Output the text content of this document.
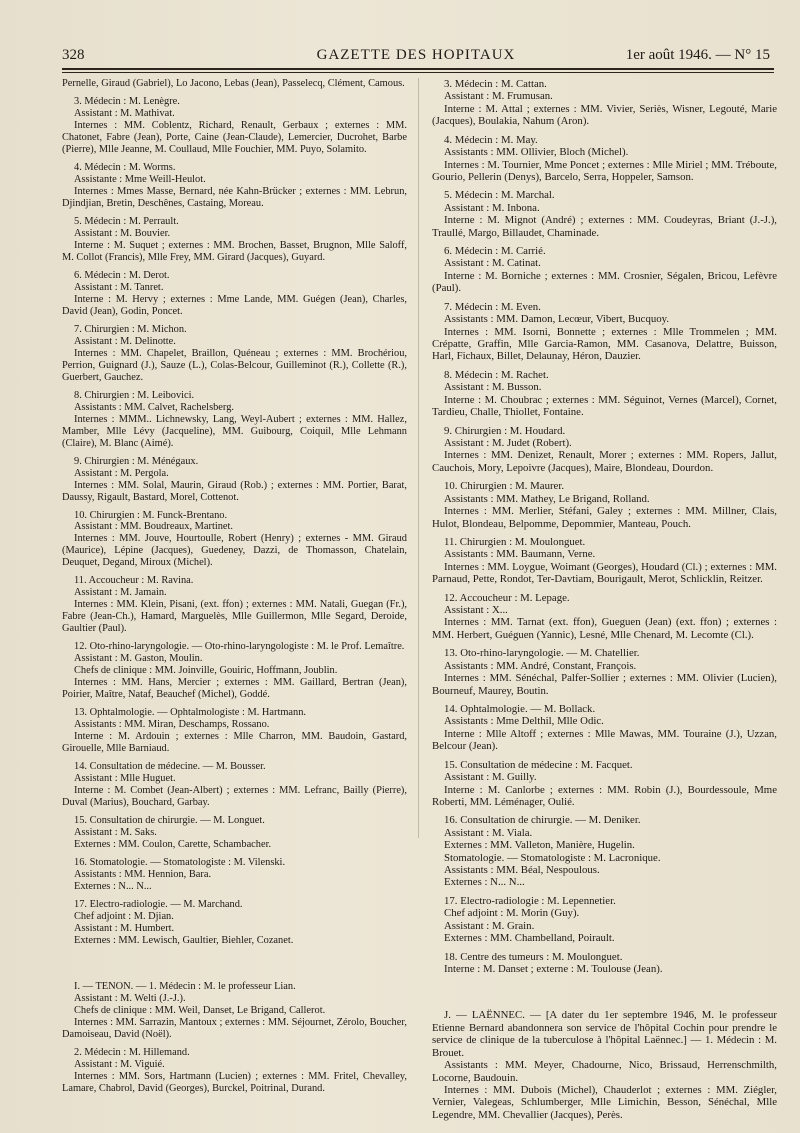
328	GAZETTE DES HOPITAUX	1er août 1946. — N° 15

Pernelle, Giraud (Gabriel), Lo Jacono, Lebas (Jean), Passelecq, Clément, Camous.

3. Médecin : M. Lenègre.

Assistant : M. Mathivat.

Internes : MM. Coblentz, Richard, Renault, Gerbaux ; externes : MM. Chatonet, Fabre (Jean), Porte, Caine (Jean-Claude), Lemercier, Ducrohet, Barbe (Pierre), Mlle Jeanne, M. Coullaud, Mlle Fouchier, MM. Puyo, Solamito.

4. Médecin : M. Worms.

Assistante : Mme Weill-Heulot.

Internes : Mmes Masse, Bernard, née Kahn-Brücker ; externes : MM. Lebrun, Djindjian, Bretin, Deschênes, Castaing, Moreau.

5. Médecin : M. Perrault.

Assistant : M. Bouvier.

Interne : M. Suquet ; externes : MM. Brochen, Basset, Brugnon, Mlle Saloff, M. Collot (Francis), Mlle Frey, MM. Girard (Jacques), Guyard.

6. Médecin : M. Derot.

Assistant : M. Tanret.

Interne : M. Hervy ; externes : Mme Lande, MM. Guégen (Jean), Charles, David (Jean), Godin, Poncet.

7. Chirurgien : M. Michon.

Assistant : M. Delinotte.

Internes : MM. Chapelet, Braillon, Quéneau ; externes : MM. Brochériou, Perrion, Guignard (J.), Sauze (L.), Colas-Belcour, Guilleminot (R.), Collette (R.), Guerbert, Gauchez.

8. Chirurgien : M. Leibovici.

Assistants : MM. Calvet, Rachelsberg.

Internes : MMM.. Lichnewsky, Lang, Weyl-Aubert ; externes : MM. Hallez, Mamber, Mlle Lévy (Jacqueline), MM. Guibourg, Coiquil, Mlle Lehmann (Claire), M. Blanc (Aimé).

9. Chirurgien : M. Ménégaux.

Assistant : M. Pergola.

Internes : MM. Solal, Maurin, Giraud (Rob.) ; externes : MM. Portier, Barat, Daussy, Rigault, Bastard, Morel, Cottenot.

10. Chirurgien : M. Funck-Brentano.

Assistant : MM. Boudreaux, Martinet.

Internes : MM. Jouve, Hourtoulle, Robert (Henry) ; externes - MM. Giraud (Maurice), Lépine (Jacques), Guedeney, Dazzi, de Thomasson, Chatelain, Deuquet, Degand, Miroux (Michel).

11. Accoucheur : M. Ravina.

Assistant : M. Jamain.

Internes : MM. Klein, Pisani, (ext. ffon) ; externes : MM. Natali, Guegan (Fr.), Fabre (Jean-Ch.), Hamard, Marguelès, Mlle Guillermon, Mlle Segard, Deroide, Gaultier (Paul).

12. Oto-rhino-laryngologie. — Oto-rhino-laryngologiste : M. le Prof. Lemaître.

Assistant : M. Gaston, Moulin.

Chefs de clinique : MM. Joinville, Gouiric, Hoffmann, Joublin.

Internes : MM. Hans, Mercier ; externes : MM. Gaillard, Bertran (Jean), Poirier, Maître, Nataf, Beauchef (Michel), Goddé.

13. Ophtalmologie. — Ophtalmologiste : M. Hartmann.

Assistants : MM. Miran, Deschamps, Rossano.

Interne : M. Ardouin ; externes : Mlle Charron, MM. Baudoin, Gastard, Girouelle, Mlle Barniaud.

14. Consultation de médecine. — M. Bousser.

Assistant : Mlle Huguet.

Interne : M. Combet (Jean-Albert) ; externes : MM. Lefranc, Bailly (Pierre), Duval (Marius), Bouchard, Garbay.

15. Consultation de chirurgie. — M. Longuet.

Assistant : M. Saks.

Externes : MM. Coulon, Carette, Schambacher.

16. Stomatologie. — Stomatologiste : M. Vilenski.

Assistants : MM. Hennion, Bara.

Externes : N... N...

17. Electro-radiologie. — M. Marchand.

Chef adjoint : M. Djian.

Assistant : M. Humbert.

Externes : MM. Lewisch, Gaultier, Biehler, Cozanet.

I. — TENON. — 1. Médecin : M. le professeur Lian.

Assistant : M. Welti (J.-J.).

Chefs de clinique : MM. Weil, Danset, Le Brigand, Callerot.

Internes : MM. Sarrazin, Mantoux ; externes : MM. Séjournet, Zérolo, Boucher, Damoiseau, David (Noël).

2. Médecin : M. Hillemand.

Assistant : M. Viguié.

Internes : MM. Sors, Hartmann (Lucien) ; externes : MM. Fritel, Chevalley, Lamare, Chabrol, David (Georges), Burckel, Poitrinal, Durand.

3. Médecin : M. Cattan.

Assistant : M. Frumusan.

Interne : M. Attal ; externes : MM. Vivier, Seriès, Wisner, Legouté, Marie (Jacques), Boulakia, Nahum (Aron).

4. Médecin : M. May.

Assistants : MM. Ollivier, Bloch (Michel).

Internes : M. Tournier, Mme Poncet ; externes : Mlle Miriel ; MM. Tréboute, Gourio, Pellerin (Denys), Barcelo, Serra, Hoppeler, Samson.

5. Médecin : M. Marchal.

Assistant : M. Inbona.

Interne : M. Mignot (André) ; externes : MM. Coudeyras, Briant (J.-J.), Traullé, Margo, Billaudet, Chaminade.

6. Médecin : M. Carrié.

Assistant : M. Catinat.

Interne : M. Borniche ; externes : MM. Crosnier, Ségalen, Bricou, Lefèvre (Paul).

7. Médecin : M. Even.

Assistants : MM. Damon, Lecœur, Vibert, Bucquoy.

Internes : MM. Isorni, Bonnette ; externes : Mlle Trommelen ; MM. Crépatte, Graffin, Mlle Garcia-Ramon, MM. Casanova, Delattre, Buisson, Harl, Fichaux, Billet, Delaunay, Héron, Dauzier.

8. Médecin : M. Rachet.

Assistant : M. Busson.

Interne : M. Choubrac ; externes : MM. Séguinot, Vernes (Marcel), Cornet, Tardieu, Challe, Thiollet, Fontaine.

9. Chirurgien : M. Houdard.

Assistant : M. Judet (Robert).

Internes : MM. Denizet, Renault, Morer ; externes : MM. Ropers, Jallut, Cauchois, Mory, Lepoivre (Jacques), Maire, Blondeau, Dourdon.

10. Chirurgien : M. Maurer.

Assistants : MM. Mathey, Le Brigand, Rolland.

Internes : MM. Merlier, Stéfani, Galey ; externes : MM. Millner, Clais, Hulot, Blondeau, Belpomme, Depommier, Manteau, Pouch.

11. Chirurgien : M. Moulonguet.

Assistants : MM. Baumann, Verne.

Internes : MM. Loygue, Woimant (Georges), Houdard (Cl.) ; externes : MM. Parnaud, Pette, Rondot, Ter-Davtiam, Bourigault, Merot, Schlicklin, Reitzer.

12. Accoucheur : M. Lepage.

Assistant : X...

Internes : MM. Tarnat (ext. ffon), Gueguen (Jean) (ext. ffon) ; externes : MM. Herbert, Guéguen (Yannic), Lesné, Mlle Chenard, M. Lecomte (Cl.).

13. Oto-rhino-laryngologie. — M. Chatellier.

Assistants : MM. André, Constant, François.

Internes : MM. Sénéchal, Palfer-Sollier ; externes : MM. Olivier (Lucien), Bourneuf, Maurey, Boutin.

14. Ophtalmologie. — M. Bollack.

Assistants : Mme Delthil, Mlle Odic.

Interne : Mlle Altoff ; externes : Mlle Mawas, MM. Touraine (J.), Uzzan, Belcour (Jean).

15. Consultation de médecine : M. Facquet.

Assistant : M. Guilly.

Interne : M. Canlorbe ; externes : MM. Robin (J.), Bourdessoule, Mme Roberti, MM. Léménager, Oulié.

16. Consultation de chirurgie. — M. Deniker.

Assistant : M. Viala.

Externes : MM. Valleton, Manière, Hugelin.

Stomatologie. — Stomatologiste : M. Lacronique.

Assistants : MM. Béal, Nespoulous.

Externes : N... N...

17. Electro-radiologie : M. Lepennetier.

Chef adjoint : M. Morin (Guy).

Assistant : M. Grain.

Externes : MM. Chambelland, Poirault.

18. Centre des tumeurs : M. Moulonguet.

Interne : M. Danset ; externe : M. Toulouse (Jean).

J. — LAËNNEC. — [A dater du 1er septembre 1946, M. le professeur Etienne Bernard abandonnera son service de l'hôpital Cochin pour prendre le service de clinique de la tuberculose à l'hôpital Laënnec.] — 1. Médecin : M. Brouet.

Assistants : MM. Meyer, Chadourne, Nico, Brissaud, Herrenschmilth, Locorne, Baudouin.

Internes : MM. Dubois (Michel), Chauderlot ; externes : MM. Ziégler, Vernier, Valegeas, Schlumberger, Mlle Limichin, Besson, Sénéchal, Mlle Legendre, MM. Chevallier (Jacques), Perès.
